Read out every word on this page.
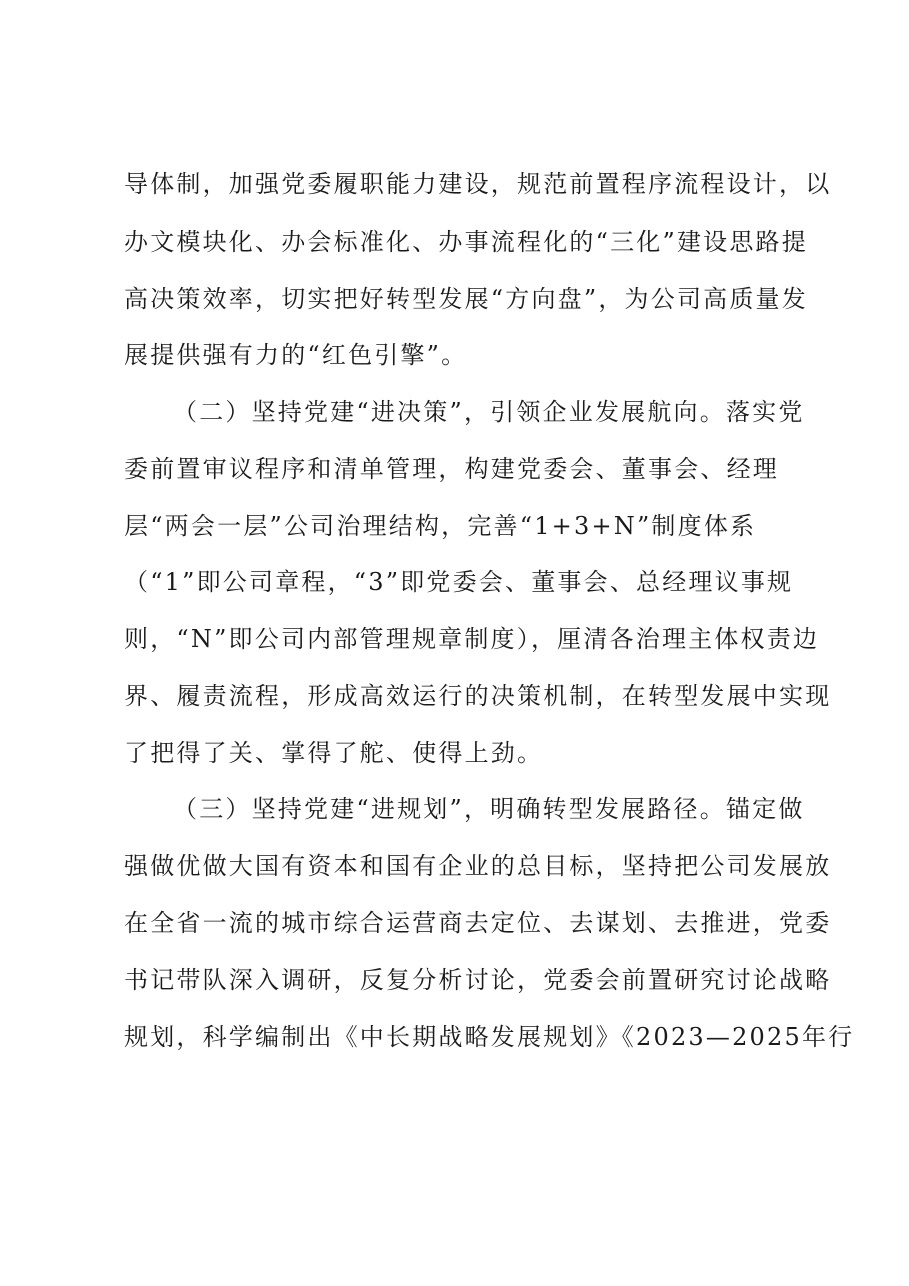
导体制，加强党委履职能力建设，规范前置程序流程设计，以
办文模块化、办会标准化、办事流程化的“三化”建设思路提
高决策效率，切实把好转型发展“方向盘”，为公司高质量发
展提供强有力的“红色引擎”。
（二）坚持党建“进决策”，引领企业发展航向。落实党
委前置审议程序和清单管理，构建党委会、董事会、经理
层“两会一层”公司治理结构，完善“1+3+N”制度体系
（“1”即公司章程，“3”即党委会、董事会、总经理议事规
则，“N”即公司内部管理规章制度），厘清各治理主体权责边
界、履责流程，形成高效运行的决策机制，在转型发展中实现
了把得了关、掌得了舵、使得上劲。
（三）坚持党建“进规划”，明确转型发展路径。锚定做
强做优做大国有资本和国有企业的总目标，坚持把公司发展放
在全省一流的城市综合运营商去定位、去谋划、去推进，党委
书记带队深入调研，反复分析讨论，党委会前置研究讨论战略
规划，科学编制出《中长期战略发展规划》《2023—2025年行
